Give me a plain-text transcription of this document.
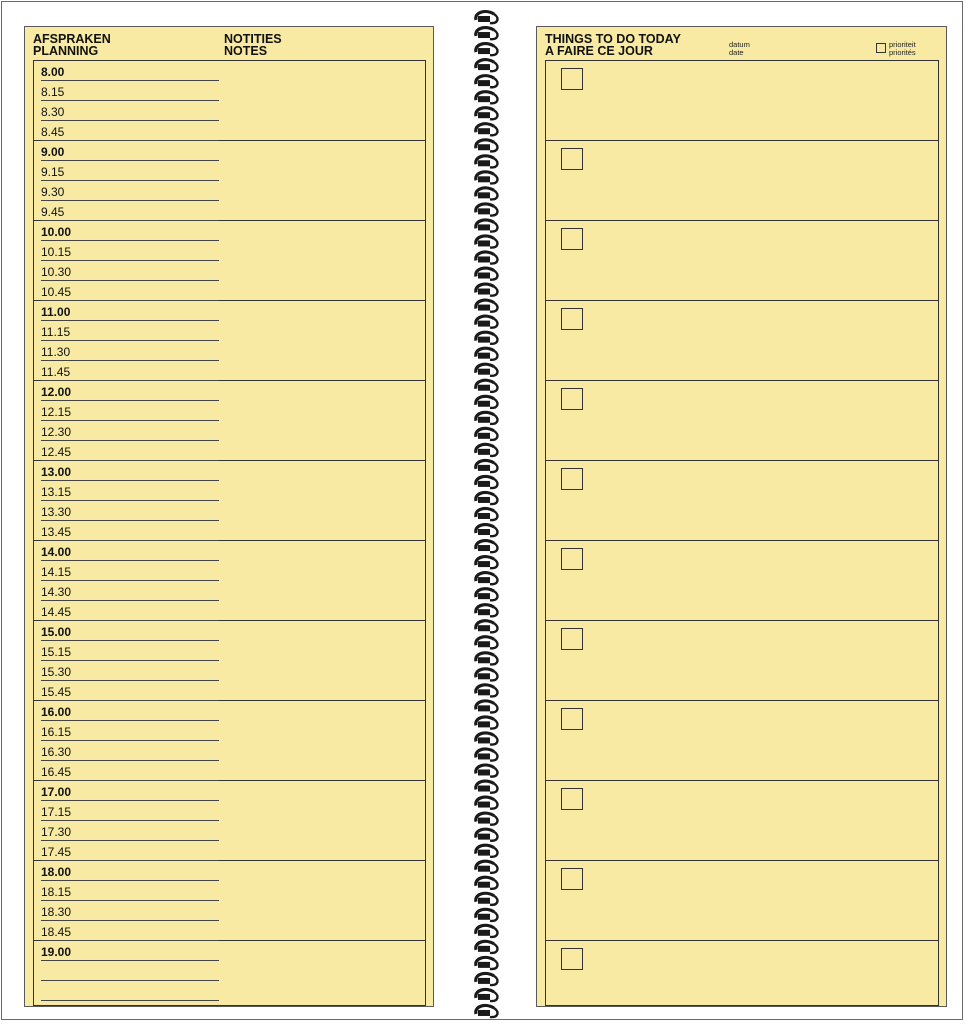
AFSPRAKEN
PLANNING
NOTITIES
NOTES
8.00
8.15
8.30
8.45
9.00
9.15
9.30
9.45
10.00
10.15
10.30
10.45
11.00
11.15
11.30
11.45
12.00
12.15
12.30
12.45
13.00
13.15
13.30
13.45
14.00
14.15
14.30
14.45
15.00
15.15
15.30
15.45
16.00
16.15
16.30
16.45
17.00
17.15
17.30
17.45
18.00
18.15
18.30
18.45
19.00
THINGS TO DO TODAY
A FAIRE CE JOUR	datum
date
prioriteit
priorités
